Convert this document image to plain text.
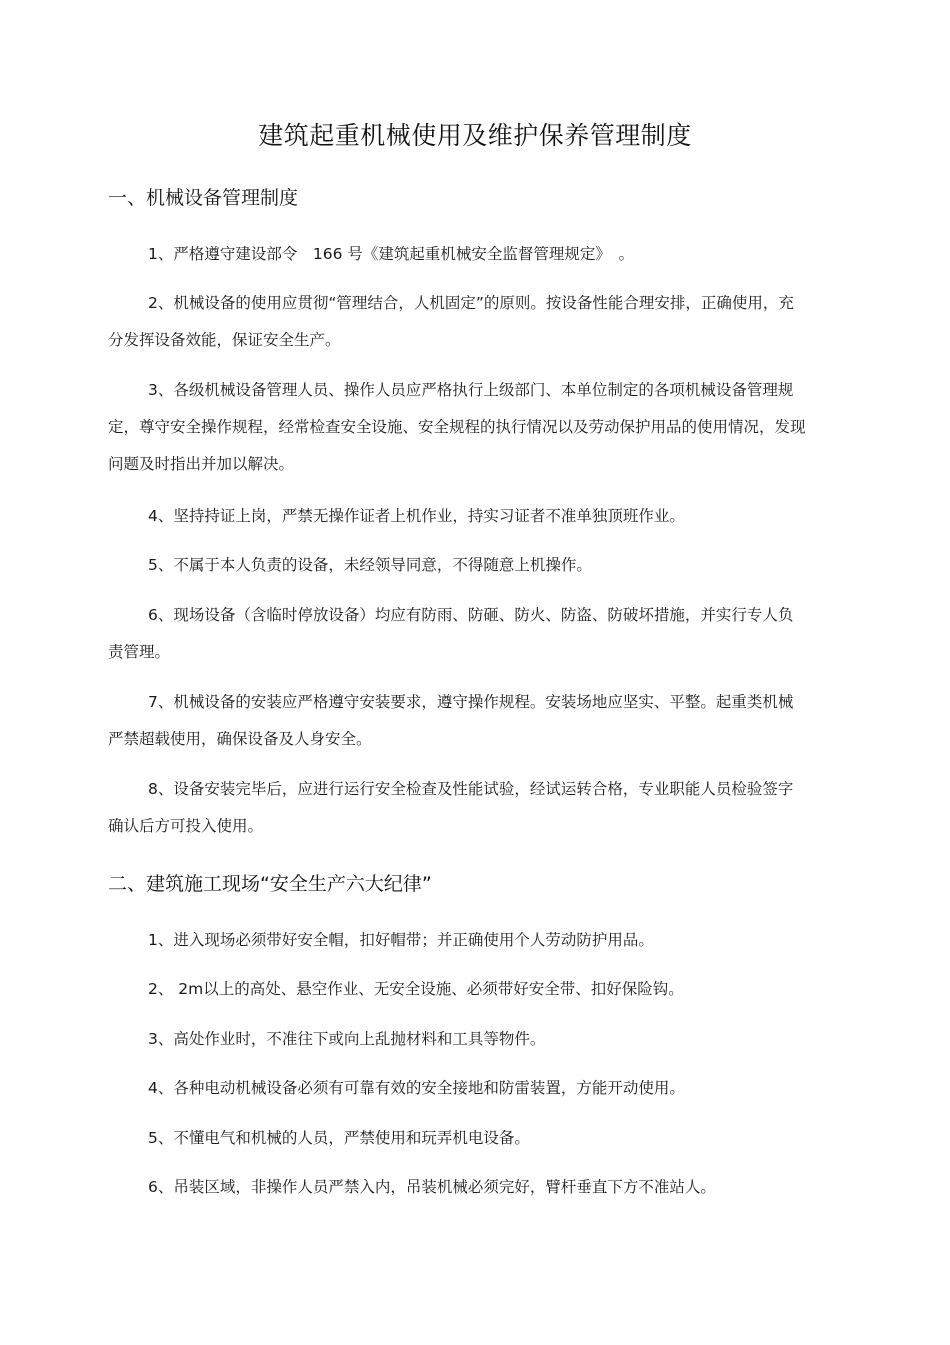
建筑起重机械使用及维护保养管理制度
一、机械设备管理制度

1、严格遵守建设部令　166 号《建筑起重机械安全监督管理规定》　。

2、机械设备的使用应贯彻“管理结合，人机固定”的原则。按设备性能合理安排，正确使用，充分发挥设备效能，保证安全生产。

3、各级机械设备管理人员、操作人员应严格执行上级部门、本单位制定的各项机械设备管理规定，尊守安全操作规程，经常检查安全设施、安全规程的执行情况以及劳动保护用品的使用情况，发现问题及时指出并加以解决。

4、坚持持证上岗，严禁无操作证者上机作业，持实习证者不准单独顶班作业。

5、不属于本人负责的设备，未经领导同意，不得随意上机操作。

6、现场设备（含临时停放设备）均应有防雨、防砸、防火、防盗、防破坏措施，并实行专人负责管理。

7、机械设备的安装应严格遵守安装要求，遵守操作规程。安装场地应坚实、平整。起重类机械严禁超载使用，确保设备及人身安全。

8、设备安装完毕后，应进行运行安全检查及性能试验，经试运转合格，专业职能人员检验签字确认后方可投入使用。

二、建筑施工现场“安全生产六大纪律”

1、进入现场必须带好安全帽，扣好帽带；并正确使用个人劳动防护用品。

2、 2m以上的高处、悬空作业、无安全设施、必须带好安全带、扣好保险钩。

3、高处作业时，不准往下或向上乱抛材料和工具等物件。

4、各种电动机械设备必须有可靠有效的安全接地和防雷装置，方能开动使用。

5、不懂电气和机械的人员，严禁使用和玩弄机电设备。

6、吊装区域，非操作人员严禁入内，吊装机械必须完好，臂杆垂直下方不准站人。
